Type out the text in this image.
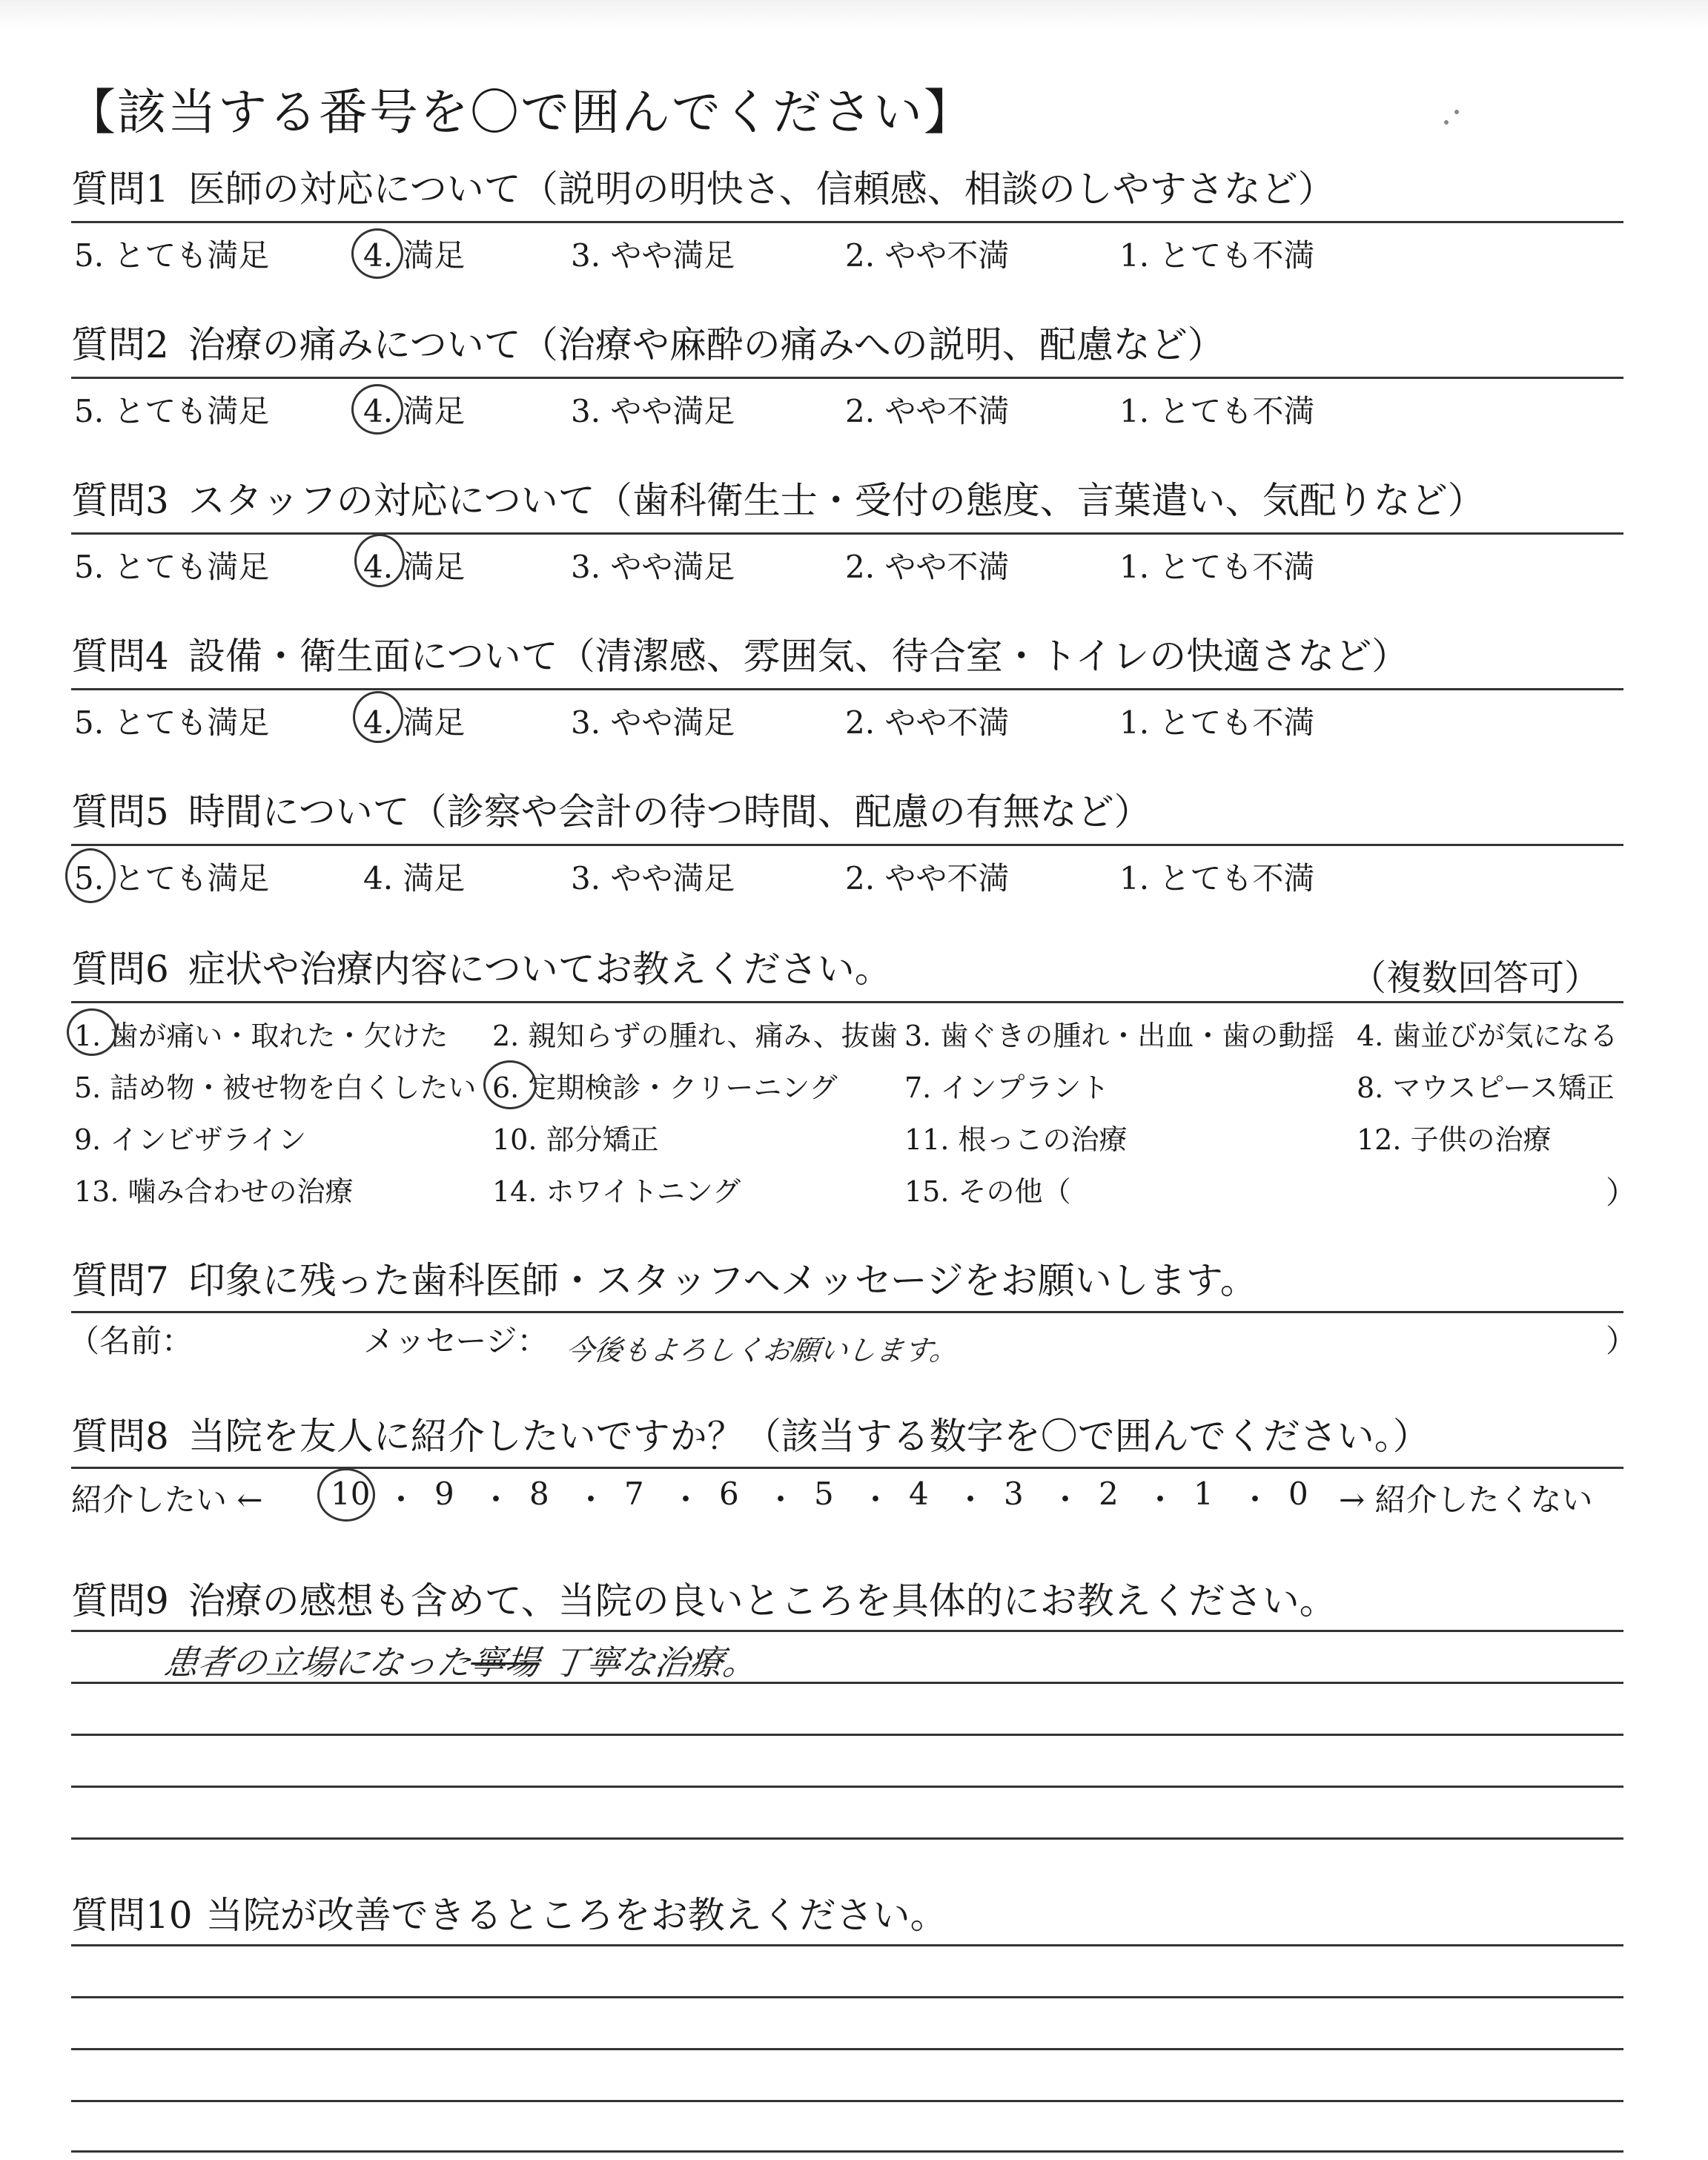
【該当する番号を〇で囲んでください】
質問1 医師の対応について（説明の明快さ、信頼感、相談のしやすさなど）
5. とても満足	4. 満足	3. やや満足	2. やや不満	1. とても不満
質問2 治療の痛みについて（治療や麻酔の痛みへの説明、配慮など）
5. とても満足	4. 満足	3. やや満足	2. やや不満	1. とても不満
質問3 スタッフの対応について（歯科衛生士・受付の態度、言葉遣い、気配りなど）
5. とても満足	4. 満足	3. やや満足	2. やや不満	1. とても不満
質問4 設備・衛生面について（清潔感、雰囲気、待合室・トイレの快適さなど）
5. とても満足	4. 満足	3. やや満足	2. やや不満	1. とても不満
質問5 時間について（診察や会計の待つ時間、配慮の有無など）
5. とても満足	4. 満足	3. やや満足	2. やや不満	1. とても不満
質問6 症状や治療内容についてお教えください。	（複数回答可）
1. 歯が痛い・取れた・欠けた 2. 親知らずの腫れ、痛み、抜歯 3. 歯ぐきの腫れ・出血・歯の動揺 4. 歯並びが気になる
5. 詰め物・被せ物を白くしたい 6. 定期検診・クリーニング 7. インプラント	8. マウスピース矯正
9. インビザライン	10. 部分矯正	11. 根っこの治療	12. 子供の治療
13. 噛み合わせの治療	14. ホワイトニング	15. その他（	）
質問7 印象に残った歯科医師・スタッフへメッセージをお願いします。
（名前：	メッセージ： 今後もよろしくお願いします。	）
質問8 当院を友人に紹介したいですか？（該当する数字を〇で囲んでください。）
紹介したい ← 10 ・ 9 ・ 8 ・ 7 ・ 6 ・ 5 ・ 4 ・ 3 ・ 2 ・ 1 ・ 0 → 紹介したくない
質問9 治療の感想も含めて、当院の良いところを具体的にお教えください。
患者の立場になった寧場 丁寧な治療。
質問10 当院が改善できるところをお教えください。
